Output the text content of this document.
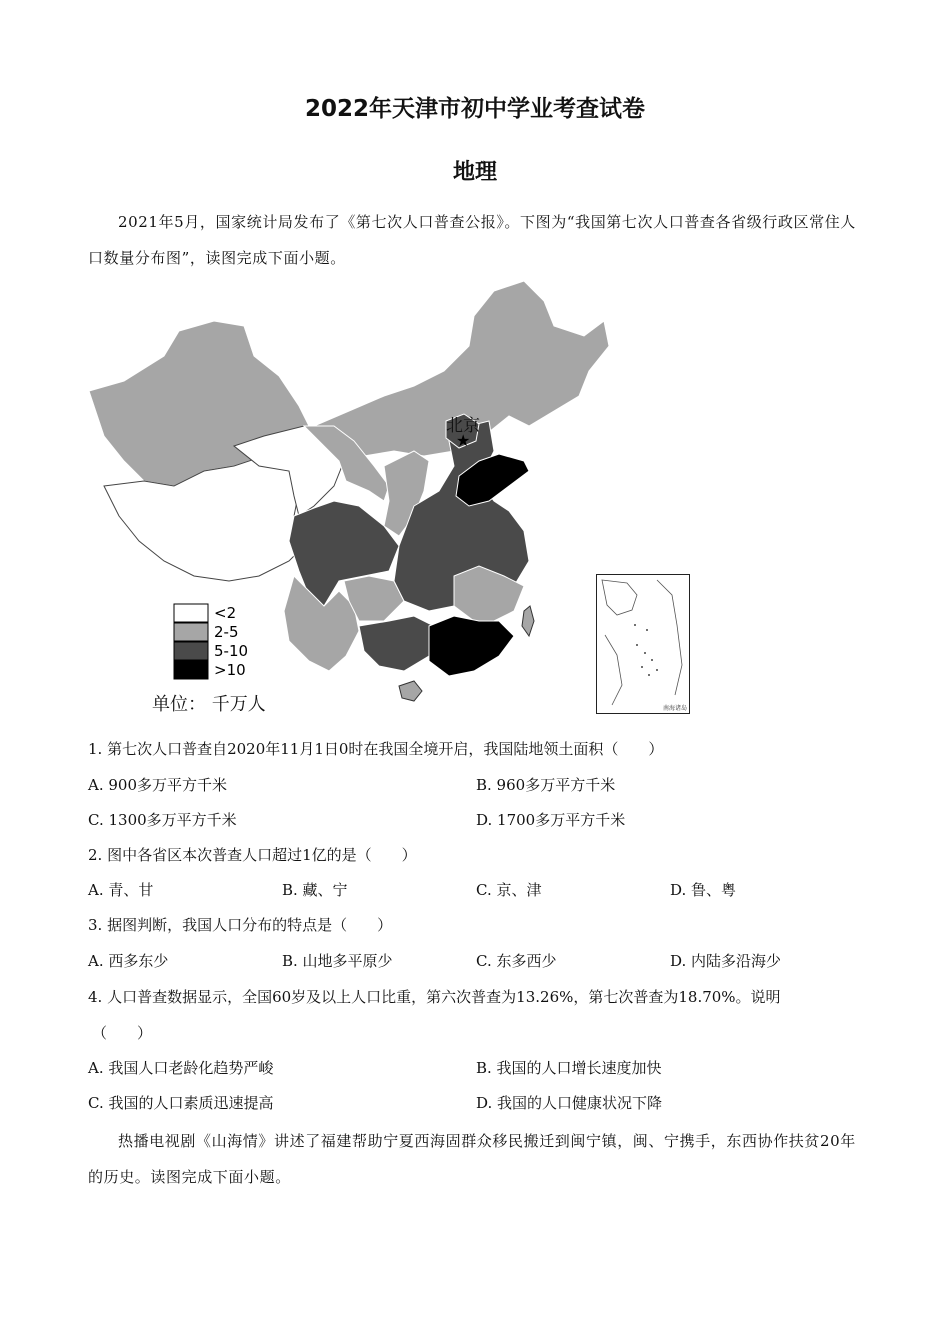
2022年天津市初中学业考查试卷
地理
2021年5月，国家统计局发布了《第七次人口普查公报》。下图为“我国第七次人口普查各省级行政区常住人口数量分布图”，读图完成下面小题。
★
<2
2-5
5-10
>10
北京
单位： 千万人	南海诸岛
1. 第七次人口普查自2020年11月1日0时在我国全境开启，我国陆地领土面积（　　）
A. 900多万平方千米	B. 960多万平方千米
C. 1300多万平方千米	D. 1700多万平方千米
2. 图中各省区本次普查人口超过1亿的是（　　）
A. 青、甘	B. 藏、宁	C. 京、津	D. 鲁、粤
3. 据图判断，我国人口分布的特点是（　　）
A. 西多东少	B. 山地多平原少	C. 东多西少	D. 内陆多沿海少
4. 人口普查数据显示，全国60岁及以上人口比重，第六次普查为13.26%，第七次普查为18.70%。说明
（　　）
A. 我国人口老龄化趋势严峻	B. 我国的人口增长速度加快
C. 我国的人口素质迅速提高	D. 我国的人口健康状况下降
热播电视剧《山海情》讲述了福建帮助宁夏西海固群众移民搬迁到闽宁镇，闽、宁携手，东西协作扶贫20年的历史。读图完成下面小题。
